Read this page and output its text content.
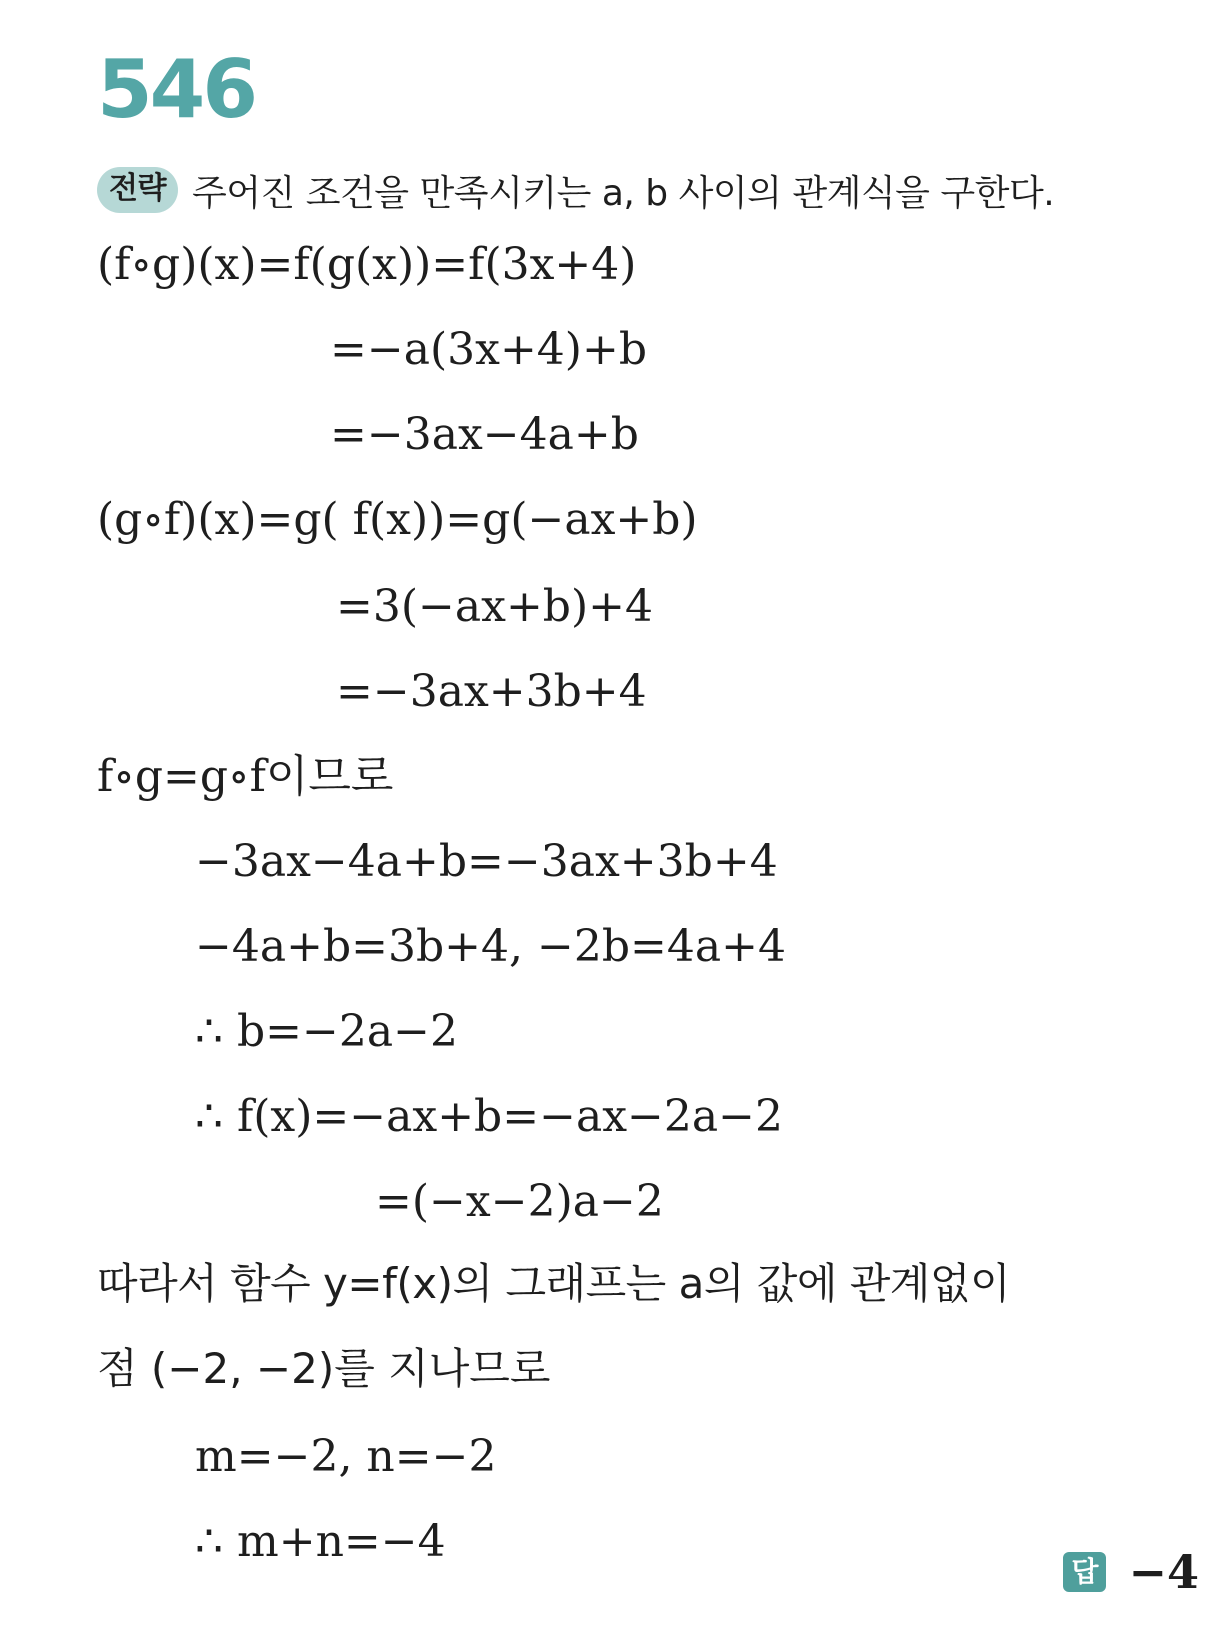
546
전략 주어진 조건을 만족시키는 a, b 사이의 관계식을 구한다.
(f∘g)(x)=f(g(x))=f(3x+4)
=−a(3x+4)+b
=−3ax−4a+b
(g∘f)(x)=g( f(x))=g(−ax+b)
=3(−ax+b)+4
=−3ax+3b+4
f∘g=g∘f이므로
−3ax−4a+b=−3ax+3b+4
−4a+b=3b+4, −2b=4a+4
∴ b=−2a−2
∴ f(x)=−ax+b=−ax−2a−2
=(−x−2)a−2
따라서 함수 y=f(x)의 그래프는 a의 값에 관계없이
점 (−2, −2)를 지나므로
m=−2, n=−2
∴ m+n=−4
답 −4
